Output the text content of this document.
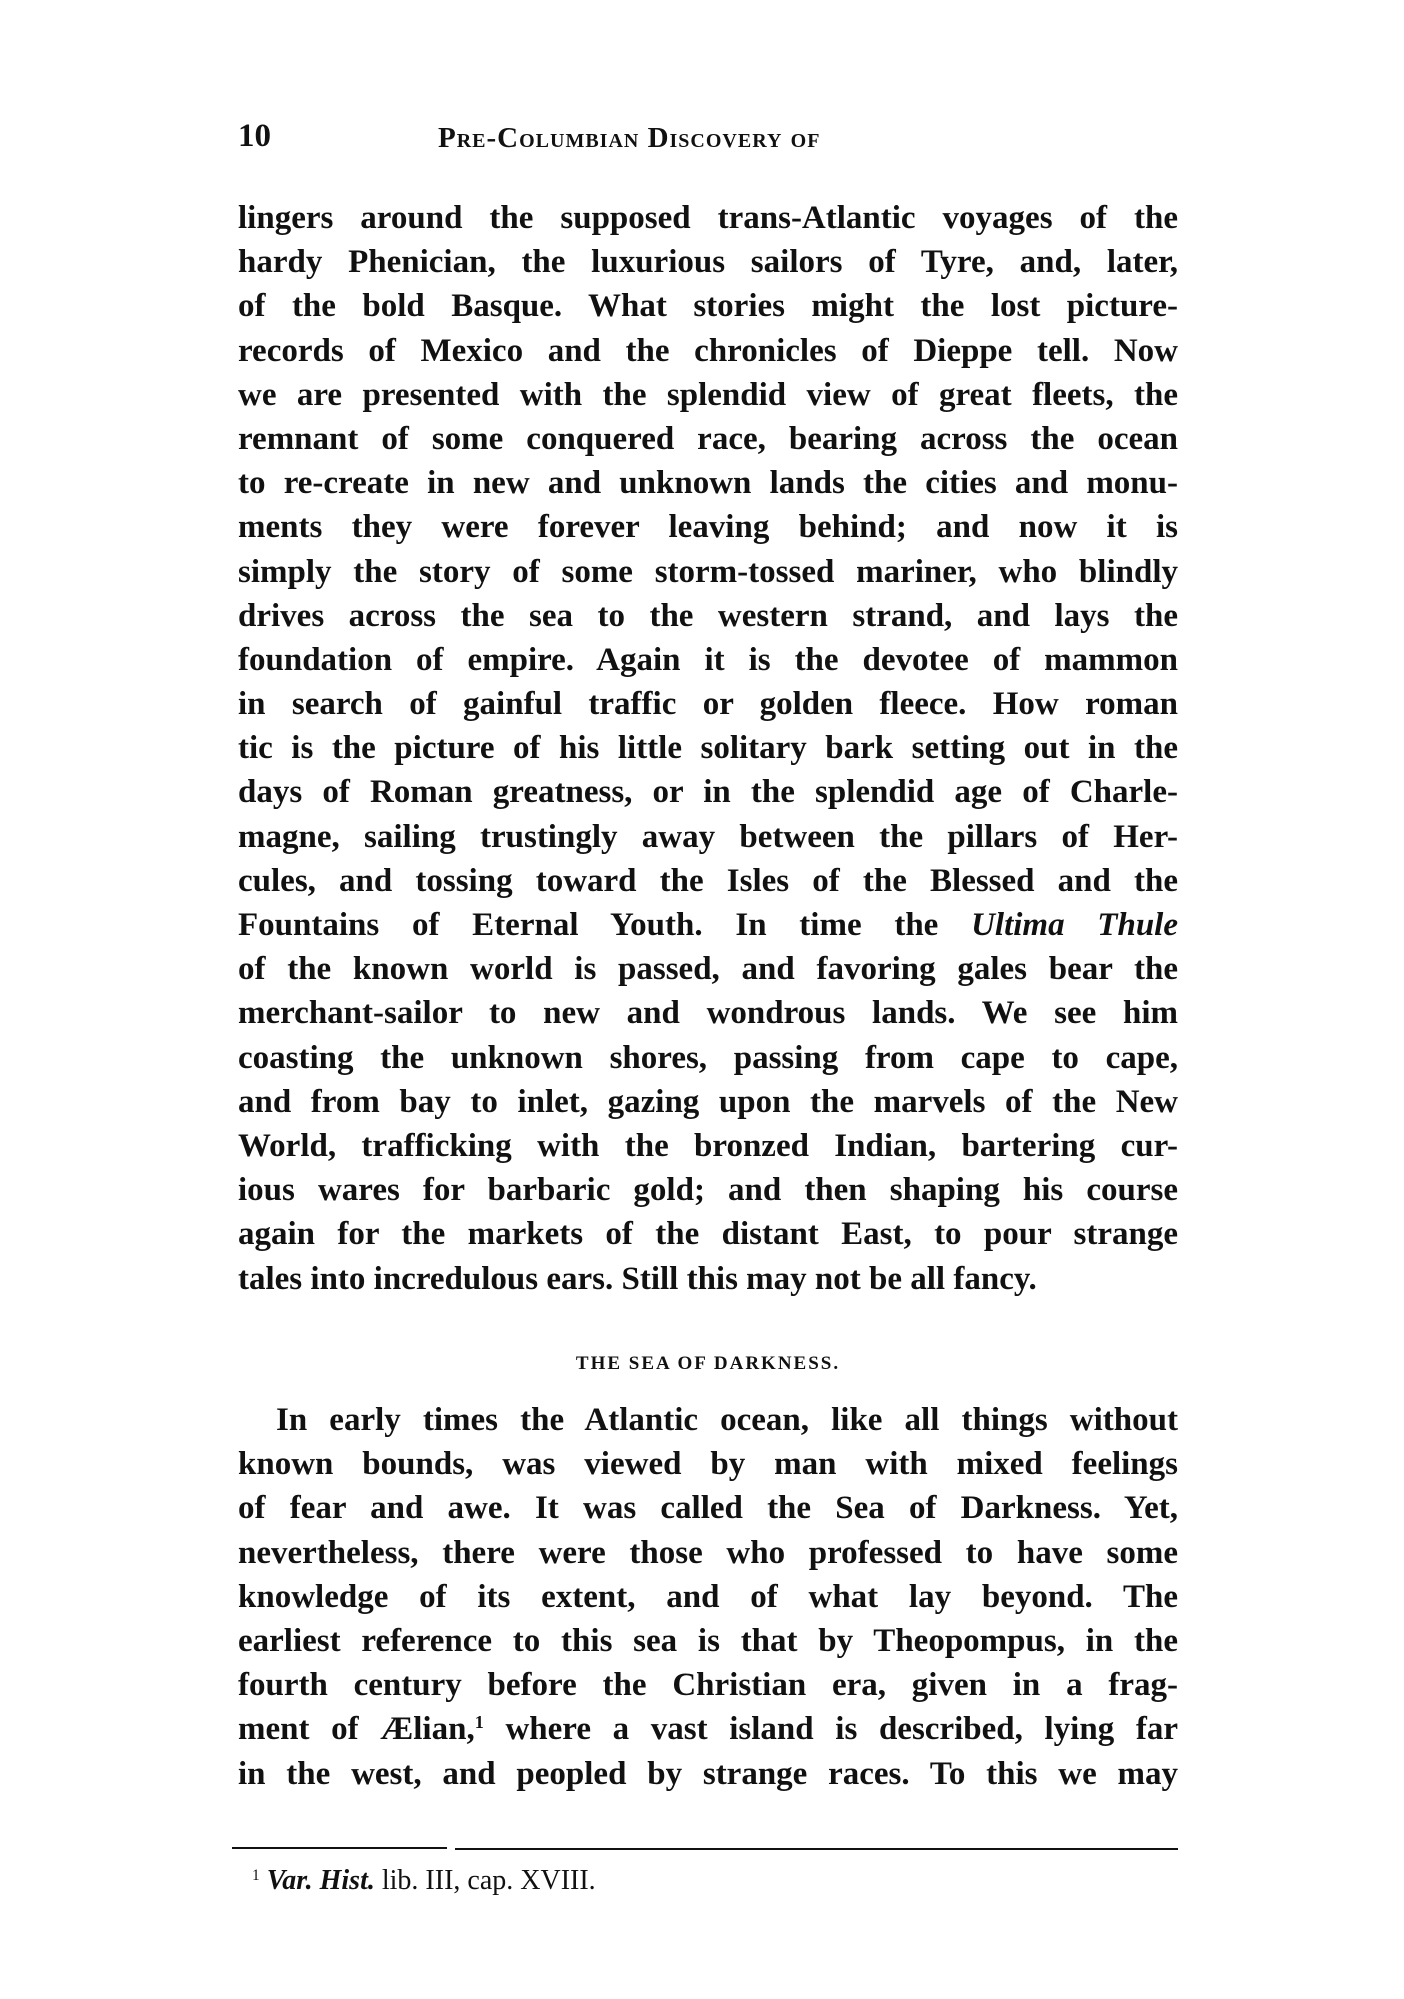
10	Pre-Columbian Discovery of
lingers around the supposed trans-Atlantic voyages of the
hardy Phenician, the luxurious sailors of Tyre, and, later,
of the bold Basque. What stories might the lost picture-
records of Mexico and the chronicles of Dieppe tell. Now
we are presented with the splendid view of great fleets, the
remnant of some conquered race, bearing across the ocean
to re-create in new and unknown lands the cities and monu-
ments they were forever leaving behind; and now it is
simply the story of some storm-tossed mariner, who blindly
drives across the sea to the western strand, and lays the
foundation of empire. Again it is the devotee of mammon
in search of gainful traffic or golden fleece. How roman
tic is the picture of his little solitary bark setting out in the
days of Roman greatness, or in the splendid age of Charle-
magne, sailing trustingly away between the pillars of Her-
cules, and tossing toward the Isles of the Blessed and the
Fountains of Eternal Youth. In time the Ultima Thule
of the known world is passed, and favoring gales bear the
merchant-sailor to new and wondrous lands. We see him
coasting the unknown shores, passing from cape to cape,
and from bay to inlet, gazing upon the marvels of the New
World, trafficking with the bronzed Indian, bartering cur-
ious wares for barbaric gold; and then shaping his course
again for the markets of the distant East, to pour strange
tales into incredulous ears. Still this may not be all fancy.
THE SEA OF DARKNESS.
In early times the Atlantic ocean, like all things without
known bounds, was viewed by man with mixed feelings
of fear and awe. It was called the Sea of Darkness. Yet,
nevertheless, there were those who professed to have some
knowledge of its extent, and of what lay beyond. The
earliest reference to this sea is that by Theopompus, in the
fourth century before the Christian era, given in a frag-
ment of Ælian,$^1$ where a vast island is described, lying far
in the west, and peopled by strange races. To this we may
$^1$ Var. Hist. lib. III, cap. XVIII.
